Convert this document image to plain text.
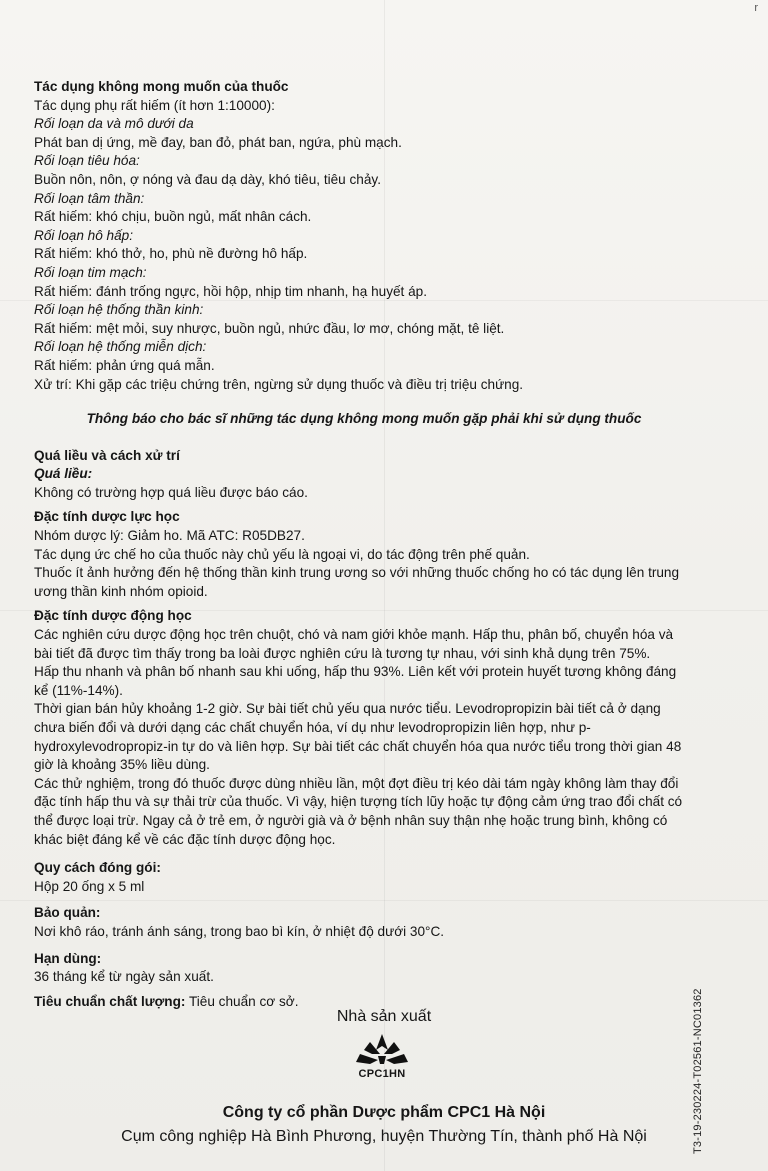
r
Tác dụng không mong muốn của thuốc
Tác dụng phụ rất hiếm (ít hơn 1:10000):
Rối loạn da và mô dưới da
Phát ban dị ứng, mề đay, ban đỏ, phát ban, ngứa, phù mạch.
Rối loạn tiêu hóa:
Buồn nôn, nôn, ợ nóng và đau dạ dày, khó tiêu, tiêu chảy.
Rối loạn tâm thần:
Rất hiếm: khó chịu, buồn ngủ, mất nhân cách.
Rối loạn hô hấp:
Rất hiếm: khó thở, ho, phù nề đường hô hấp.
Rối loạn tim mạch:
Rất hiếm: đánh trống ngực, hồi hộp, nhịp tim nhanh, hạ huyết áp.
Rối loạn hệ thống thần kinh:
Rất hiếm: mệt mỏi, suy nhược, buồn ngủ, nhức đầu, lơ mơ, chóng mặt, tê liệt.
Rối loạn hệ thống miễn dịch:
Rất hiếm: phản ứng quá mẫn.
Xử trí: Khi gặp các triệu chứng trên, ngừng sử dụng thuốc và điều trị triệu chứng.
Thông báo cho bác sĩ những tác dụng không mong muốn gặp phải khi sử dụng thuốc
Quá liều và cách xử trí
Quá liều:
Không có trường hợp quá liều được báo cáo.
Đặc tính dược lực học
Nhóm dược lý: Giảm ho. Mã ATC: R05DB27.
Tác dụng ức chế ho của thuốc này chủ yếu là ngoại vi, do tác động trên phế quản.
Thuốc ít ảnh hưởng đến hệ thống thần kinh trung ương so với những thuốc chống ho có tác dụng lên trung ương thần kinh nhóm opioid.
Đặc tính dược động học
Các nghiên cứu dược động học trên chuột, chó và nam giới khỏe mạnh. Hấp thu, phân bố, chuyển hóa và bài tiết đã được tìm thấy trong ba loài được nghiên cứu là tương tự nhau, với sinh khả dụng trên 75%.
Hấp thu nhanh và phân bố nhanh sau khi uống, hấp thu 93%. Liên kết với protein huyết tương không đáng kể (11%-14%).
Thời gian bán hủy khoảng 1-2 giờ. Sự bài tiết chủ yếu qua nước tiểu. Levodropropizin bài tiết cả ở dạng chưa biến đổi và dưới dạng các chất chuyển hóa, ví dụ như levodropropizin liên hợp, như p-hydroxylevodropropiz-in tự do và liên hợp. Sự bài tiết các chất chuyển hóa qua nước tiểu trong thời gian 48 giờ là khoảng 35% liều dùng.
Các thử nghiệm, trong đó thuốc được dùng nhiều lần, một đợt điều trị kéo dài tám ngày không làm thay đổi đặc tính hấp thu và sự thải trừ của thuốc. Vì vậy, hiện tượng tích lũy hoặc tự động cảm ứng trao đổi chất có thể được loại trừ. Ngay cả ở trẻ em, ở người già và ở bệnh nhân suy thận nhẹ hoặc trung bình, không có khác biệt đáng kể về các đặc tính dược động học.
Quy cách đóng gói:
Hộp 20 ống x 5 ml
Bảo quản:
Nơi khô ráo, tránh ánh sáng, trong bao bì kín, ở nhiệt độ dưới 30°C.
Hạn dùng:
36 tháng kể từ ngày sản xuất.
Tiêu chuẩn chất lượng: Tiêu chuẩn cơ sở.
Nhà sản xuất
CPC1HN
Công ty cổ phần Dược phẩm CPC1 Hà Nội
Cụm công nghiệp Hà Bình Phương, huyện Thường Tín, thành phố Hà Nội	T3-19-230224-T02561-NC01362
